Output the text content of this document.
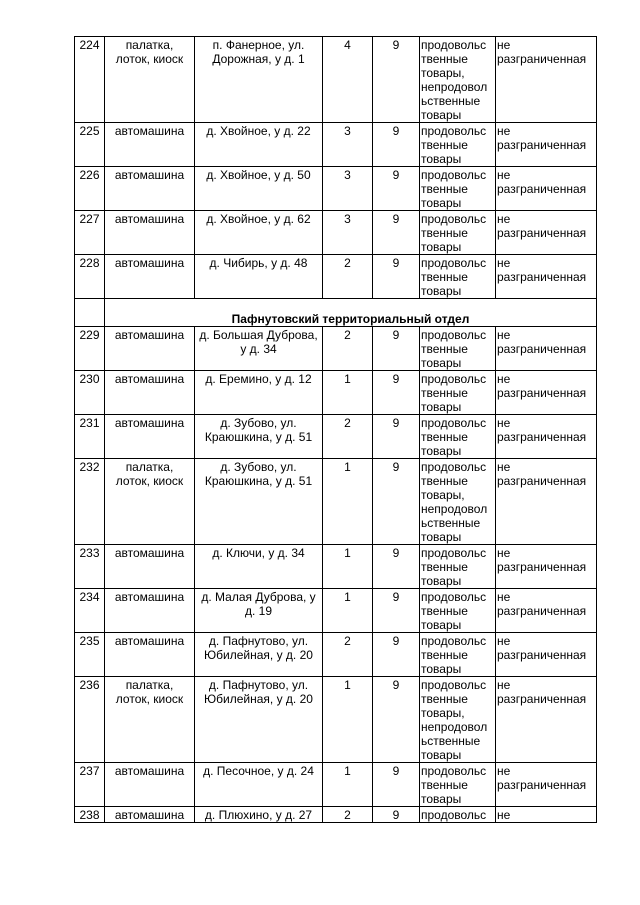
224	палатка, лоток, киоск	п. Фанерное, ул. Дорожная, у д. 1	4	9	продовольс твенные товары, непродовол ьственные товары	не разграниченная
225	автомашина	д. Хвойное, у д. 22	3	9	продовольс твенные товары	не разграниченная
226	автомашина	д. Хвойное, у д. 50	3	9	продовольс твенные товары	не разграниченная
227	автомашина	д. Хвойное, у д. 62	3	9	продовольс твенные товары	не разграниченная
228	автомашина	д. Чибирь, у д. 48	2	9	продовольс твенные товары	не разграниченная
	Пафнутовский территориальный отдел					
229	автомашина	д. Большая Дуброва, у д. 34	2	9	продовольс твенные товары	не разграниченная
230	автомашина	д. Еремино, у д. 12	1	9	продовольс твенные товары	не разграниченная
231	автомашина	д. Зубово, ул. Краюшкина, у д. 51	2	9	продовольс твенные товары	не разграниченная
232	палатка, лоток, киоск	д. Зубово, ул. Краюшкина, у д. 51	1	9	продовольс твенные товары, непродовол ьственные товары	не разграниченная
233	автомашина	д. Ключи, у д. 34	1	9	продовольс твенные товары	не разграниченная
234	автомашина	д. Малая Дуброва, у д. 19	1	9	продовольс твенные товары	не разграниченная
235	автомашина	д. Пафнутово, ул. Юбилейная, у д. 20	2	9	продовольс твенные товары	не разграниченная
236	палатка, лоток, киоск	д. Пафнутово, ул. Юбилейная, у д. 20	1	9	продовольс твенные товары, непродовол ьственные товары	не разграниченная
237	автомашина	д. Песочное, у д. 24	1	9	продовольс твенные товары	не разграниченная
238	автомашина	д. Плюхино, у д. 27	2	9	продовольс	не
